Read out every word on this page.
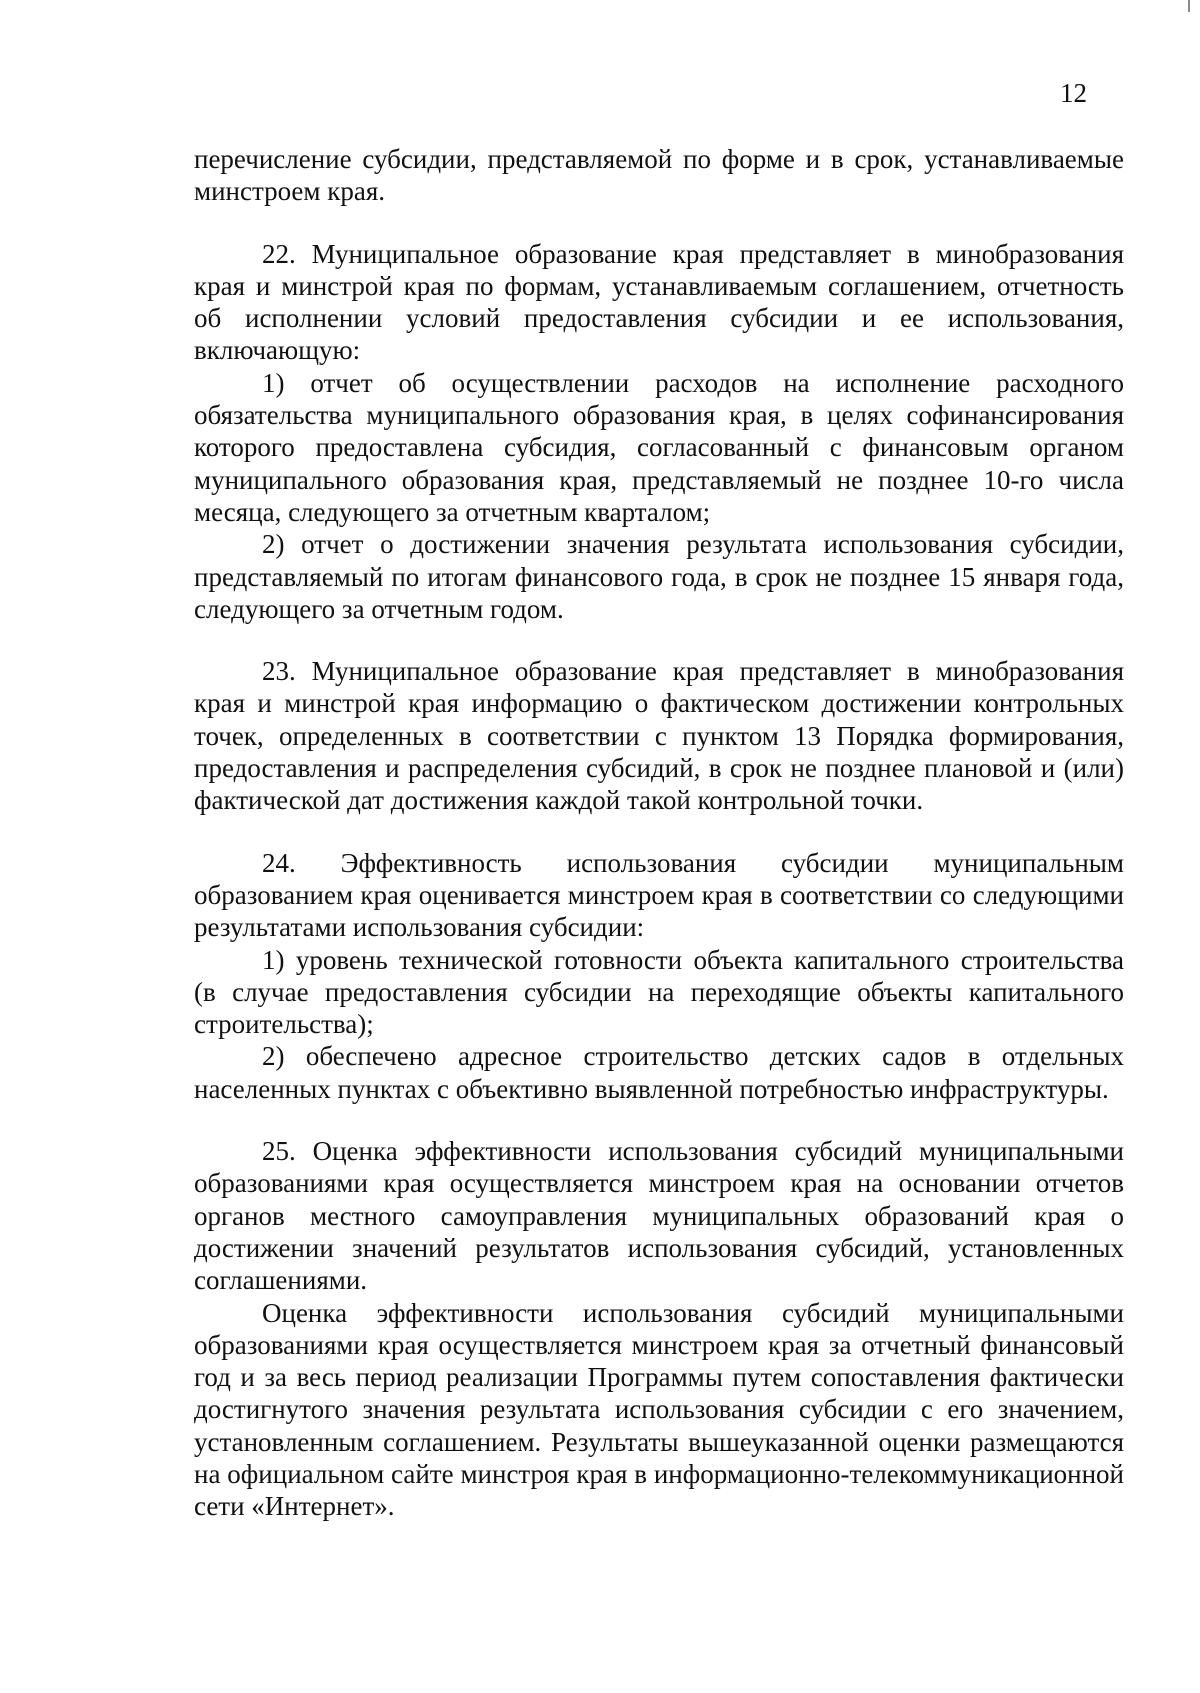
12

перечисление субсидии, представляемой по форме и в срок, устанавливаемые минстроем края.

22. Муниципальное образование края представляет в минобразования края и минстрой края по формам, устанавливаемым соглашением, отчетность об исполнении условий предоставления субсидии и ее использования, включающую:

1) отчет об осуществлении расходов на исполнение расходного обязательства муниципального образования края, в целях софинансирования которого предоставлена субсидия, согласованный с финансовым органом муниципального образования края, представляемый не позднее 10-го числа месяца, следующего за отчетным кварталом;

2) отчет о достижении значения результата использования субсидии, представляемый по итогам финансового года, в срок не позднее 15 января года, следующего за отчетным годом.

23. Муниципальное образование края представляет в минобразования края и минстрой края информацию о фактическом достижении контрольных точек, определенных в соответствии с пунктом 13 Порядка формирования, предоставления и распределения субсидий, в срок не позднее плановой и (или) фактической дат достижения каждой такой контрольной точки.

24. Эффективность использования субсидии муниципальным образованием края оценивается минстроем края в соответствии со следующими результатами использования субсидии:

1) уровень технической готовности объекта капитального строительства (в случае предоставления субсидии на переходящие объекты капитального строительства);

2) обеспечено адресное строительство детских садов в отдельных населенных пунктах с объективно выявленной потребностью инфраструктуры.

25. Оценка эффективности использования субсидий муниципальными образованиями края осуществляется минстроем края на основании отчетов органов местного самоуправления муниципальных образований края о достижении значений результатов использования субсидий, установленных соглашениями.

Оценка эффективности использования субсидий муниципальными образованиями края осуществляется минстроем края за отчетный финансовый год и за весь период реализации Программы путем сопоставления фактически достигнутого значения результата использования субсидии с его значением, установленным соглашением. Результаты вышеуказанной оценки размещаются на официальном сайте минстроя края в информационно-телекоммуникационной сети «Интернет».
